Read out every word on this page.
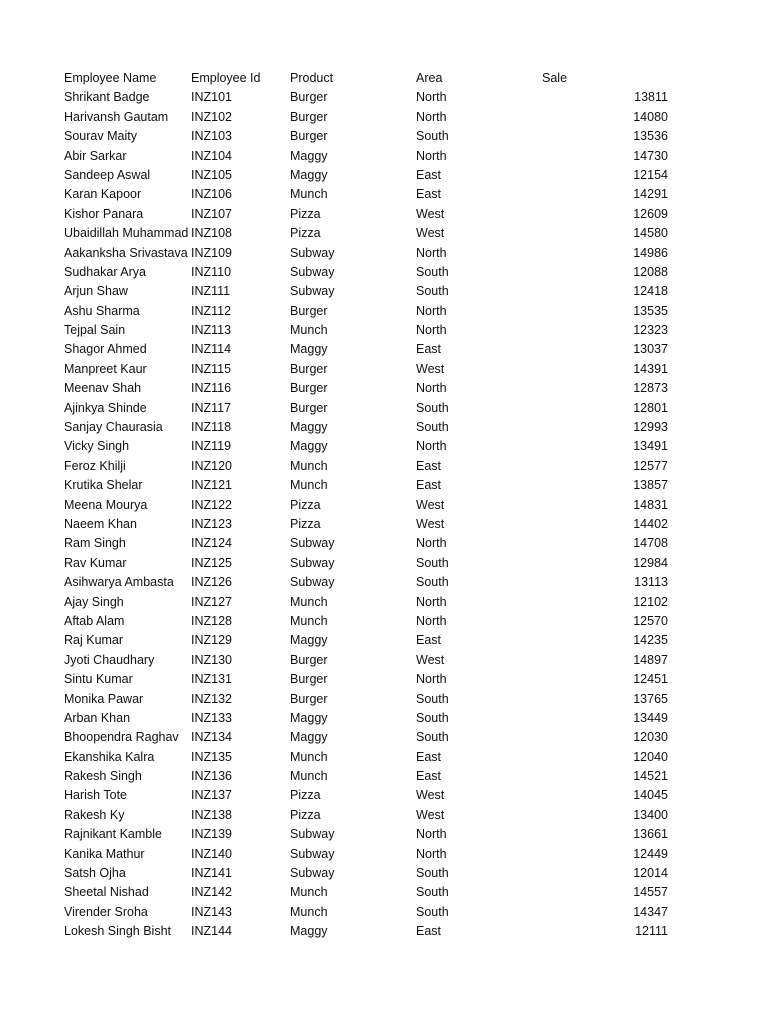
Employee Name	Employee Id	Product	Area	Sale
Shrikant Badge	INZ101	Burger	North	13811
Harivansh Gautam	INZ102	Burger	North	14080
Sourav Maity	INZ103	Burger	South	13536
Abir Sarkar	INZ104	Maggy	North	14730
Sandeep Aswal	INZ105	Maggy	East	12154
Karan Kapoor	INZ106	Munch	East	14291
Kishor Panara	INZ107	Pizza	West	12609
Ubaidillah Muhammad INZ108	Pizza	West	14580
Aakanksha Srivastava INZ109	Subway	North	14986
Sudhakar Arya	INZ110	Subway	South	12088
Arjun Shaw	INZ111	Subway	South	12418
Ashu Sharma	INZ112	Burger	North	13535
Tejpal Sain	INZ113	Munch	North	12323
Shagor Ahmed	INZ114	Maggy	East	13037
Manpreet Kaur	INZ115	Burger	West	14391
Meenav Shah	INZ116	Burger	North	12873
Ajinkya Shinde	INZ117	Burger	South	12801
Sanjay Chaurasia	INZ118	Maggy	South	12993
Vicky Singh	INZ119	Maggy	North	13491
Feroz Khilji	INZ120	Munch	East	12577
Krutika Shelar	INZ121	Munch	East	13857
Meena Mourya	INZ122	Pizza	West	14831
Naeem Khan	INZ123	Pizza	West	14402
Ram Singh	INZ124	Subway	North	14708
Rav Kumar	INZ125	Subway	South	12984
Asihwarya Ambasta	INZ126	Subway	South	13113
Ajay Singh	INZ127	Munch	North	12102
Aftab Alam	INZ128	Munch	North	12570
Raj Kumar	INZ129	Maggy	East	14235
Jyoti Chaudhary	INZ130	Burger	West	14897
Sintu Kumar	INZ131	Burger	North	12451
Monika Pawar	INZ132	Burger	South	13765
Arban Khan	INZ133	Maggy	South	13449
Bhoopendra Raghav INZ134	Maggy	South	12030
Ekanshika Kalra	INZ135	Munch	East	12040
Rakesh Singh	INZ136	Munch	East	14521
Harish Tote	INZ137	Pizza	West	14045
Rakesh Ky	INZ138	Pizza	West	13400
Rajnikant Kamble	INZ139	Subway	North	13661
Kanika Mathur	INZ140	Subway	North	12449
Satsh Ojha	INZ141	Subway	South	12014
Sheetal Nishad	INZ142	Munch	South	14557
Virender Sroha	INZ143	Munch	South	14347
Lokesh Singh Bisht	INZ144	Maggy	East	12111
